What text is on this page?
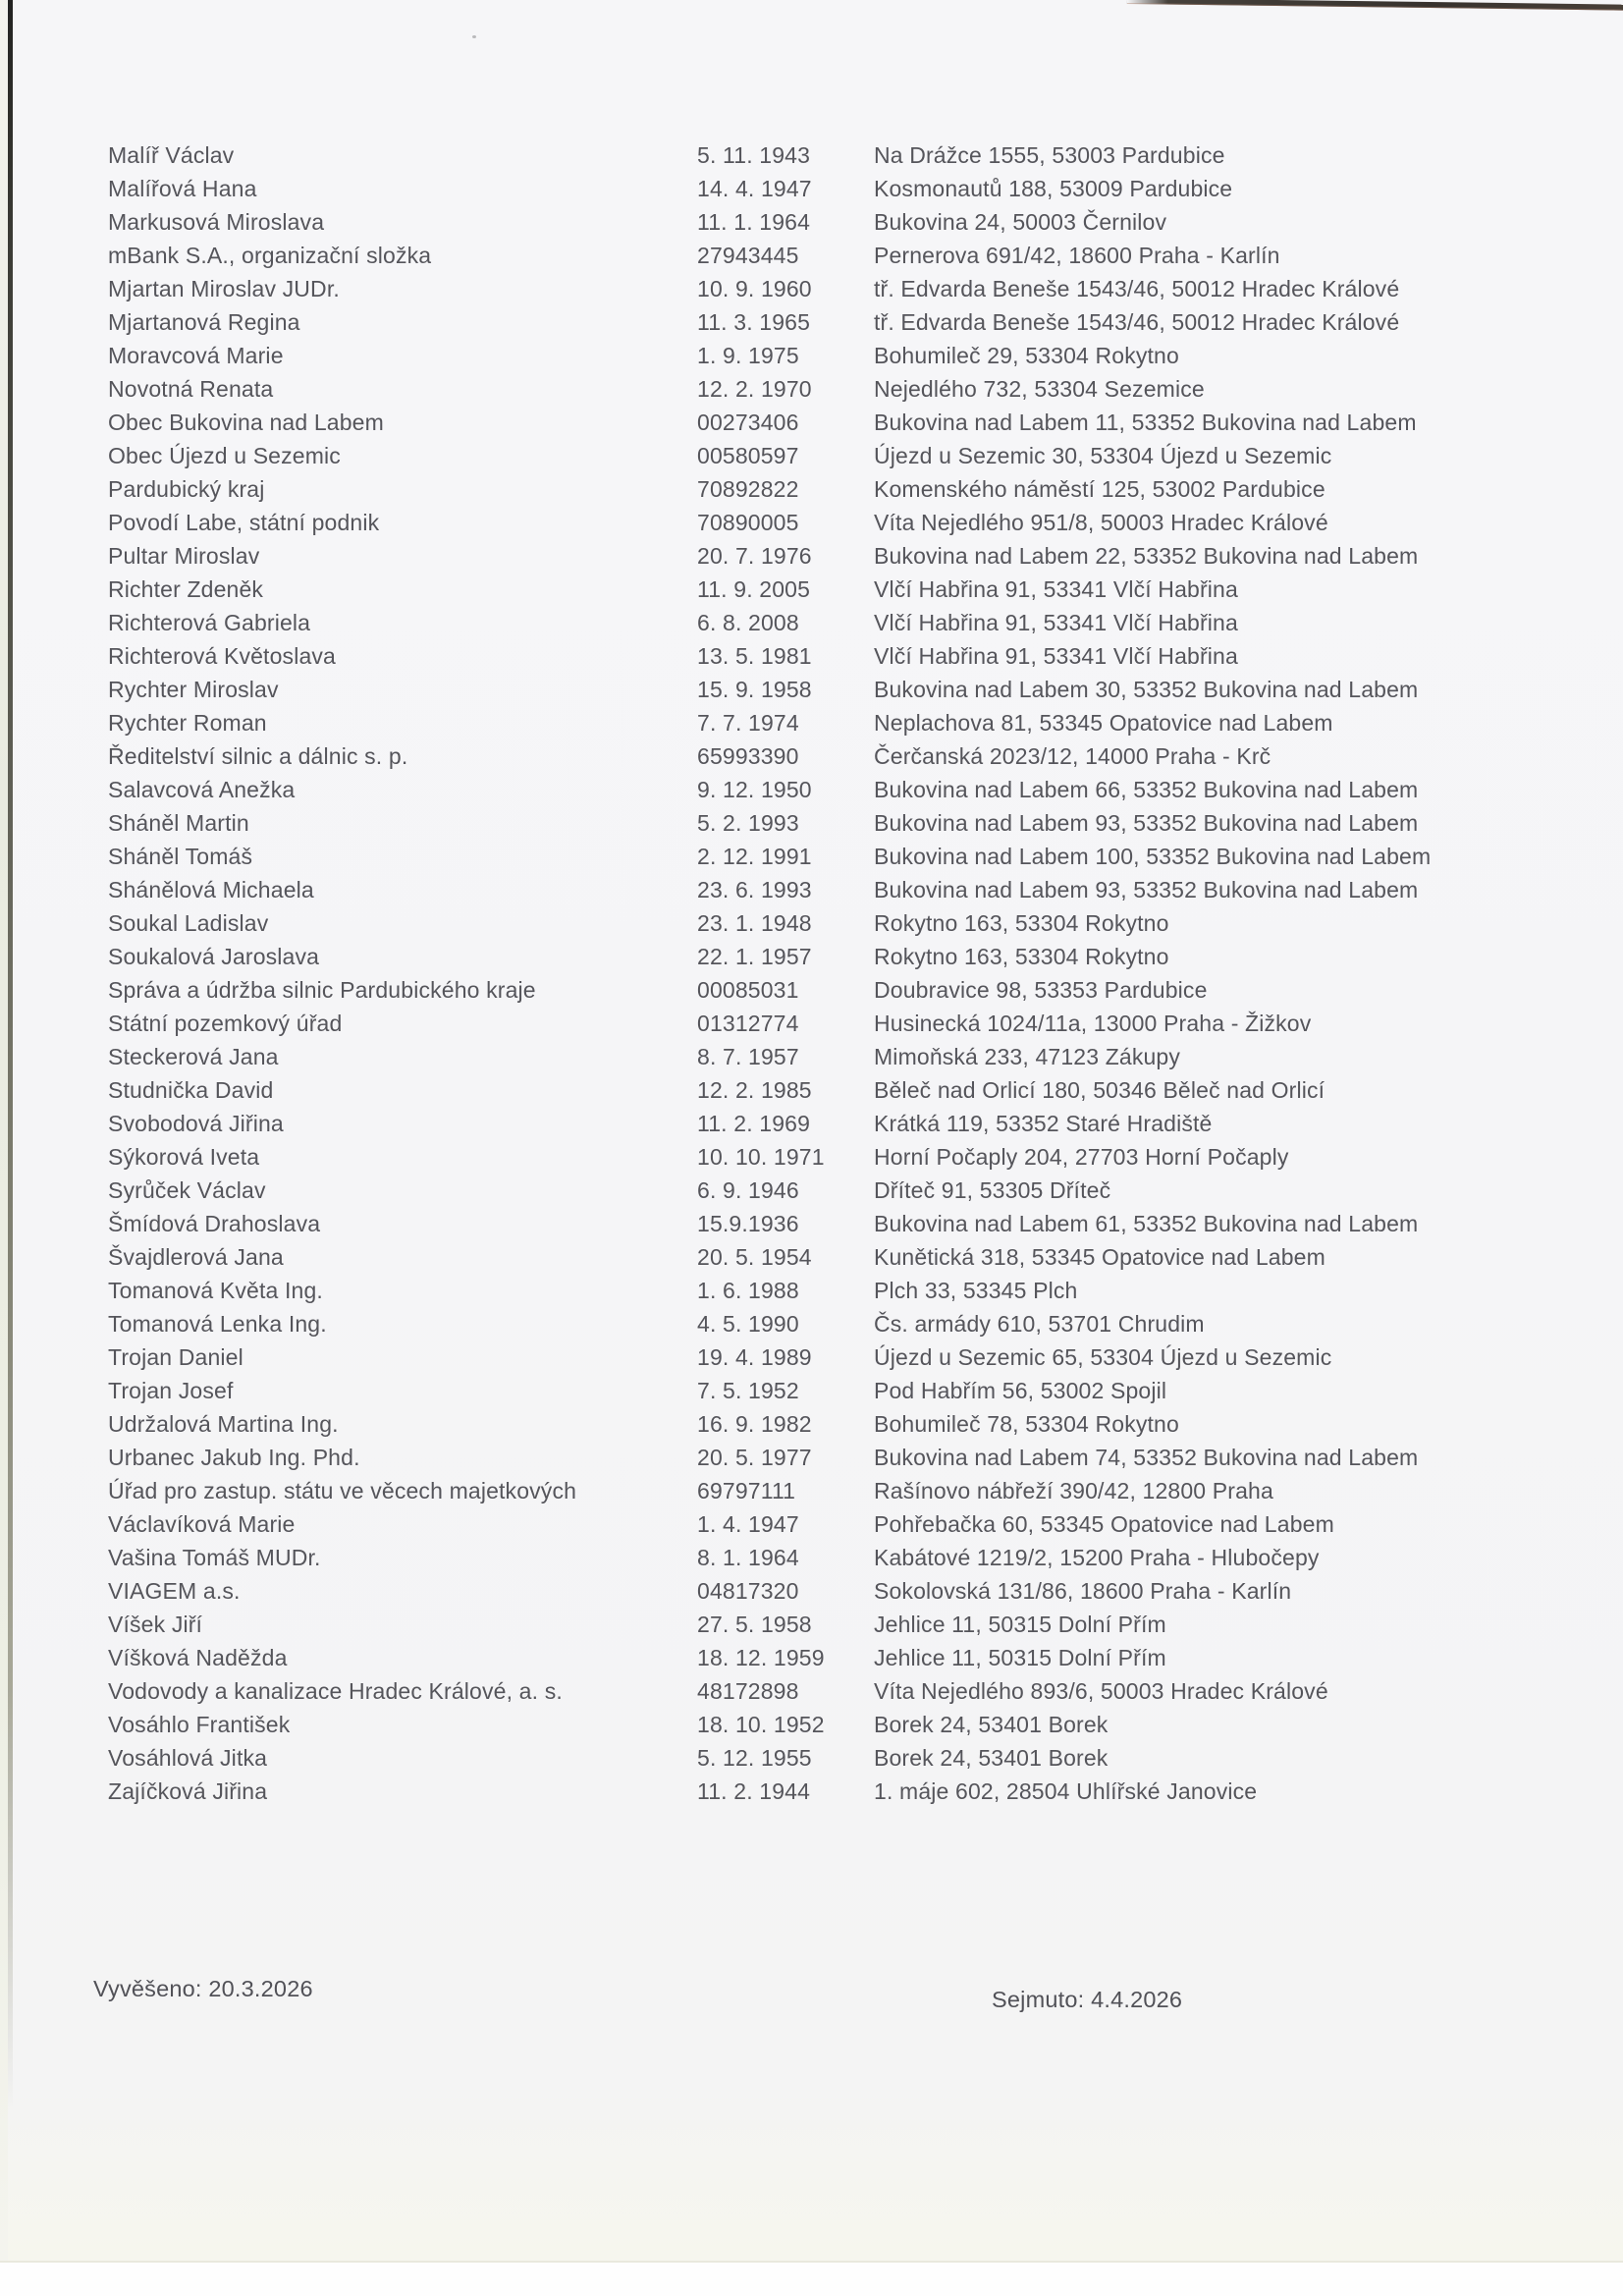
Malíř Václav	5. 11. 1943	Na Drážce 1555, 53003 Pardubice
Malířová Hana	14. 4. 1947	Kosmonautů 188, 53009 Pardubice
Markusová Miroslava	11. 1. 1964	Bukovina 24, 50003 Černilov
mBank S.A., organizační složka	27943445	Pernerova 691/42, 18600 Praha - Karlín
Mjartan Miroslav JUDr.	10. 9. 1960	tř. Edvarda Beneše 1543/46, 50012 Hradec Králové
Mjartanová Regina	11. 3. 1965	tř. Edvarda Beneše 1543/46, 50012 Hradec Králové
Moravcová Marie	1. 9. 1975	Bohumileč 29, 53304 Rokytno
Novotná Renata	12. 2. 1970	Nejedlého 732, 53304 Sezemice
Obec Bukovina nad Labem	00273406	Bukovina nad Labem 11, 53352 Bukovina nad Labem
Obec Újezd u Sezemic	00580597	Újezd u Sezemic 30, 53304 Újezd u Sezemic
Pardubický kraj	70892822	Komenského náměstí 125, 53002 Pardubice
Povodí Labe, státní podnik	70890005	Víta Nejedlého 951/8, 50003 Hradec Králové
Pultar Miroslav	20. 7. 1976	Bukovina nad Labem 22, 53352 Bukovina nad Labem
Richter Zdeněk	11. 9. 2005	Vlčí Habřina 91, 53341 Vlčí Habřina
Richterová Gabriela	6. 8. 2008	Vlčí Habřina 91, 53341 Vlčí Habřina
Richterová Květoslava	13. 5. 1981	Vlčí Habřina 91, 53341 Vlčí Habřina
Rychter Miroslav	15. 9. 1958	Bukovina nad Labem 30, 53352 Bukovina nad Labem
Rychter Roman	7. 7. 1974	Neplachova 81, 53345 Opatovice nad Labem
Ředitelství silnic a dálnic s. p.	65993390	Čerčanská 2023/12, 14000 Praha - Krč
Salavcová Anežka	9. 12. 1950	Bukovina nad Labem 66, 53352 Bukovina nad Labem
Sháněl Martin	5. 2. 1993	Bukovina nad Labem 93, 53352 Bukovina nad Labem
Sháněl Tomáš	2. 12. 1991	Bukovina nad Labem 100, 53352 Bukovina nad Labem
Shánělová Michaela	23. 6. 1993	Bukovina nad Labem 93, 53352 Bukovina nad Labem
Soukal Ladislav	23. 1. 1948	Rokytno 163, 53304 Rokytno
Soukalová Jaroslava	22. 1. 1957	Rokytno 163, 53304 Rokytno
Správa a údržba silnic Pardubického kraje	00085031	Doubravice 98, 53353 Pardubice
Státní pozemkový úřad	01312774	Husinecká 1024/11a, 13000 Praha - Žižkov
Steckerová Jana	8. 7. 1957	Mimoňská 233, 47123 Zákupy
Studnička David	12. 2. 1985	Běleč nad Orlicí 180, 50346 Běleč nad Orlicí
Svobodová Jiřina	11. 2. 1969	Krátká 119, 53352 Staré Hradiště
Sýkorová Iveta	10. 10. 1971	Horní Počaply 204, 27703 Horní Počaply
Syrůček Václav	6. 9. 1946	Dříteč 91, 53305 Dříteč
Šmídová Drahoslava	15.9.1936	Bukovina nad Labem 61, 53352 Bukovina nad Labem
Švajdlerová Jana	20. 5. 1954	Kunětická 318, 53345 Opatovice nad Labem
Tomanová Květa Ing.	1. 6. 1988	Plch 33, 53345 Plch
Tomanová Lenka Ing.	4. 5. 1990	Čs. armády 610, 53701 Chrudim
Trojan Daniel	19. 4. 1989	Újezd u Sezemic 65, 53304 Újezd u Sezemic
Trojan Josef	7. 5. 1952	Pod Habřím 56, 53002 Spojil
Udržalová Martina Ing.	16. 9. 1982	Bohumileč 78, 53304 Rokytno
Urbanec Jakub Ing. Phd.	20. 5. 1977	Bukovina nad Labem 74, 53352 Bukovina nad Labem
Úřad pro zastup. státu ve věcech majetkových	69797111	Rašínovo nábřeží 390/42, 12800 Praha
Václavíková Marie	1. 4. 1947	Pohřebačka 60, 53345 Opatovice nad Labem
Vašina Tomáš MUDr.	8. 1. 1964	Kabátové 1219/2, 15200 Praha - Hlubočepy
VIAGEM a.s.	04817320	Sokolovská 131/86, 18600 Praha - Karlín
Víšek Jiří	27. 5. 1958	Jehlice 11, 50315 Dolní Přím
Víšková Naděžda	18. 12. 1959	Jehlice 11, 50315 Dolní Přím
Vodovody a kanalizace Hradec Králové, a. s.	48172898	Víta Nejedlého 893/6, 50003 Hradec Králové
Vosáhlo František	18. 10. 1952	Borek 24, 53401 Borek
Vosáhlová Jitka	5. 12. 1955	Borek 24, 53401 Borek
Zajíčková Jiřina	11. 2. 1944	1. máje 602, 28504 Uhlířské Janovice
Vyvěšeno: 20.3.2026	Sejmuto: 4.4.2026
